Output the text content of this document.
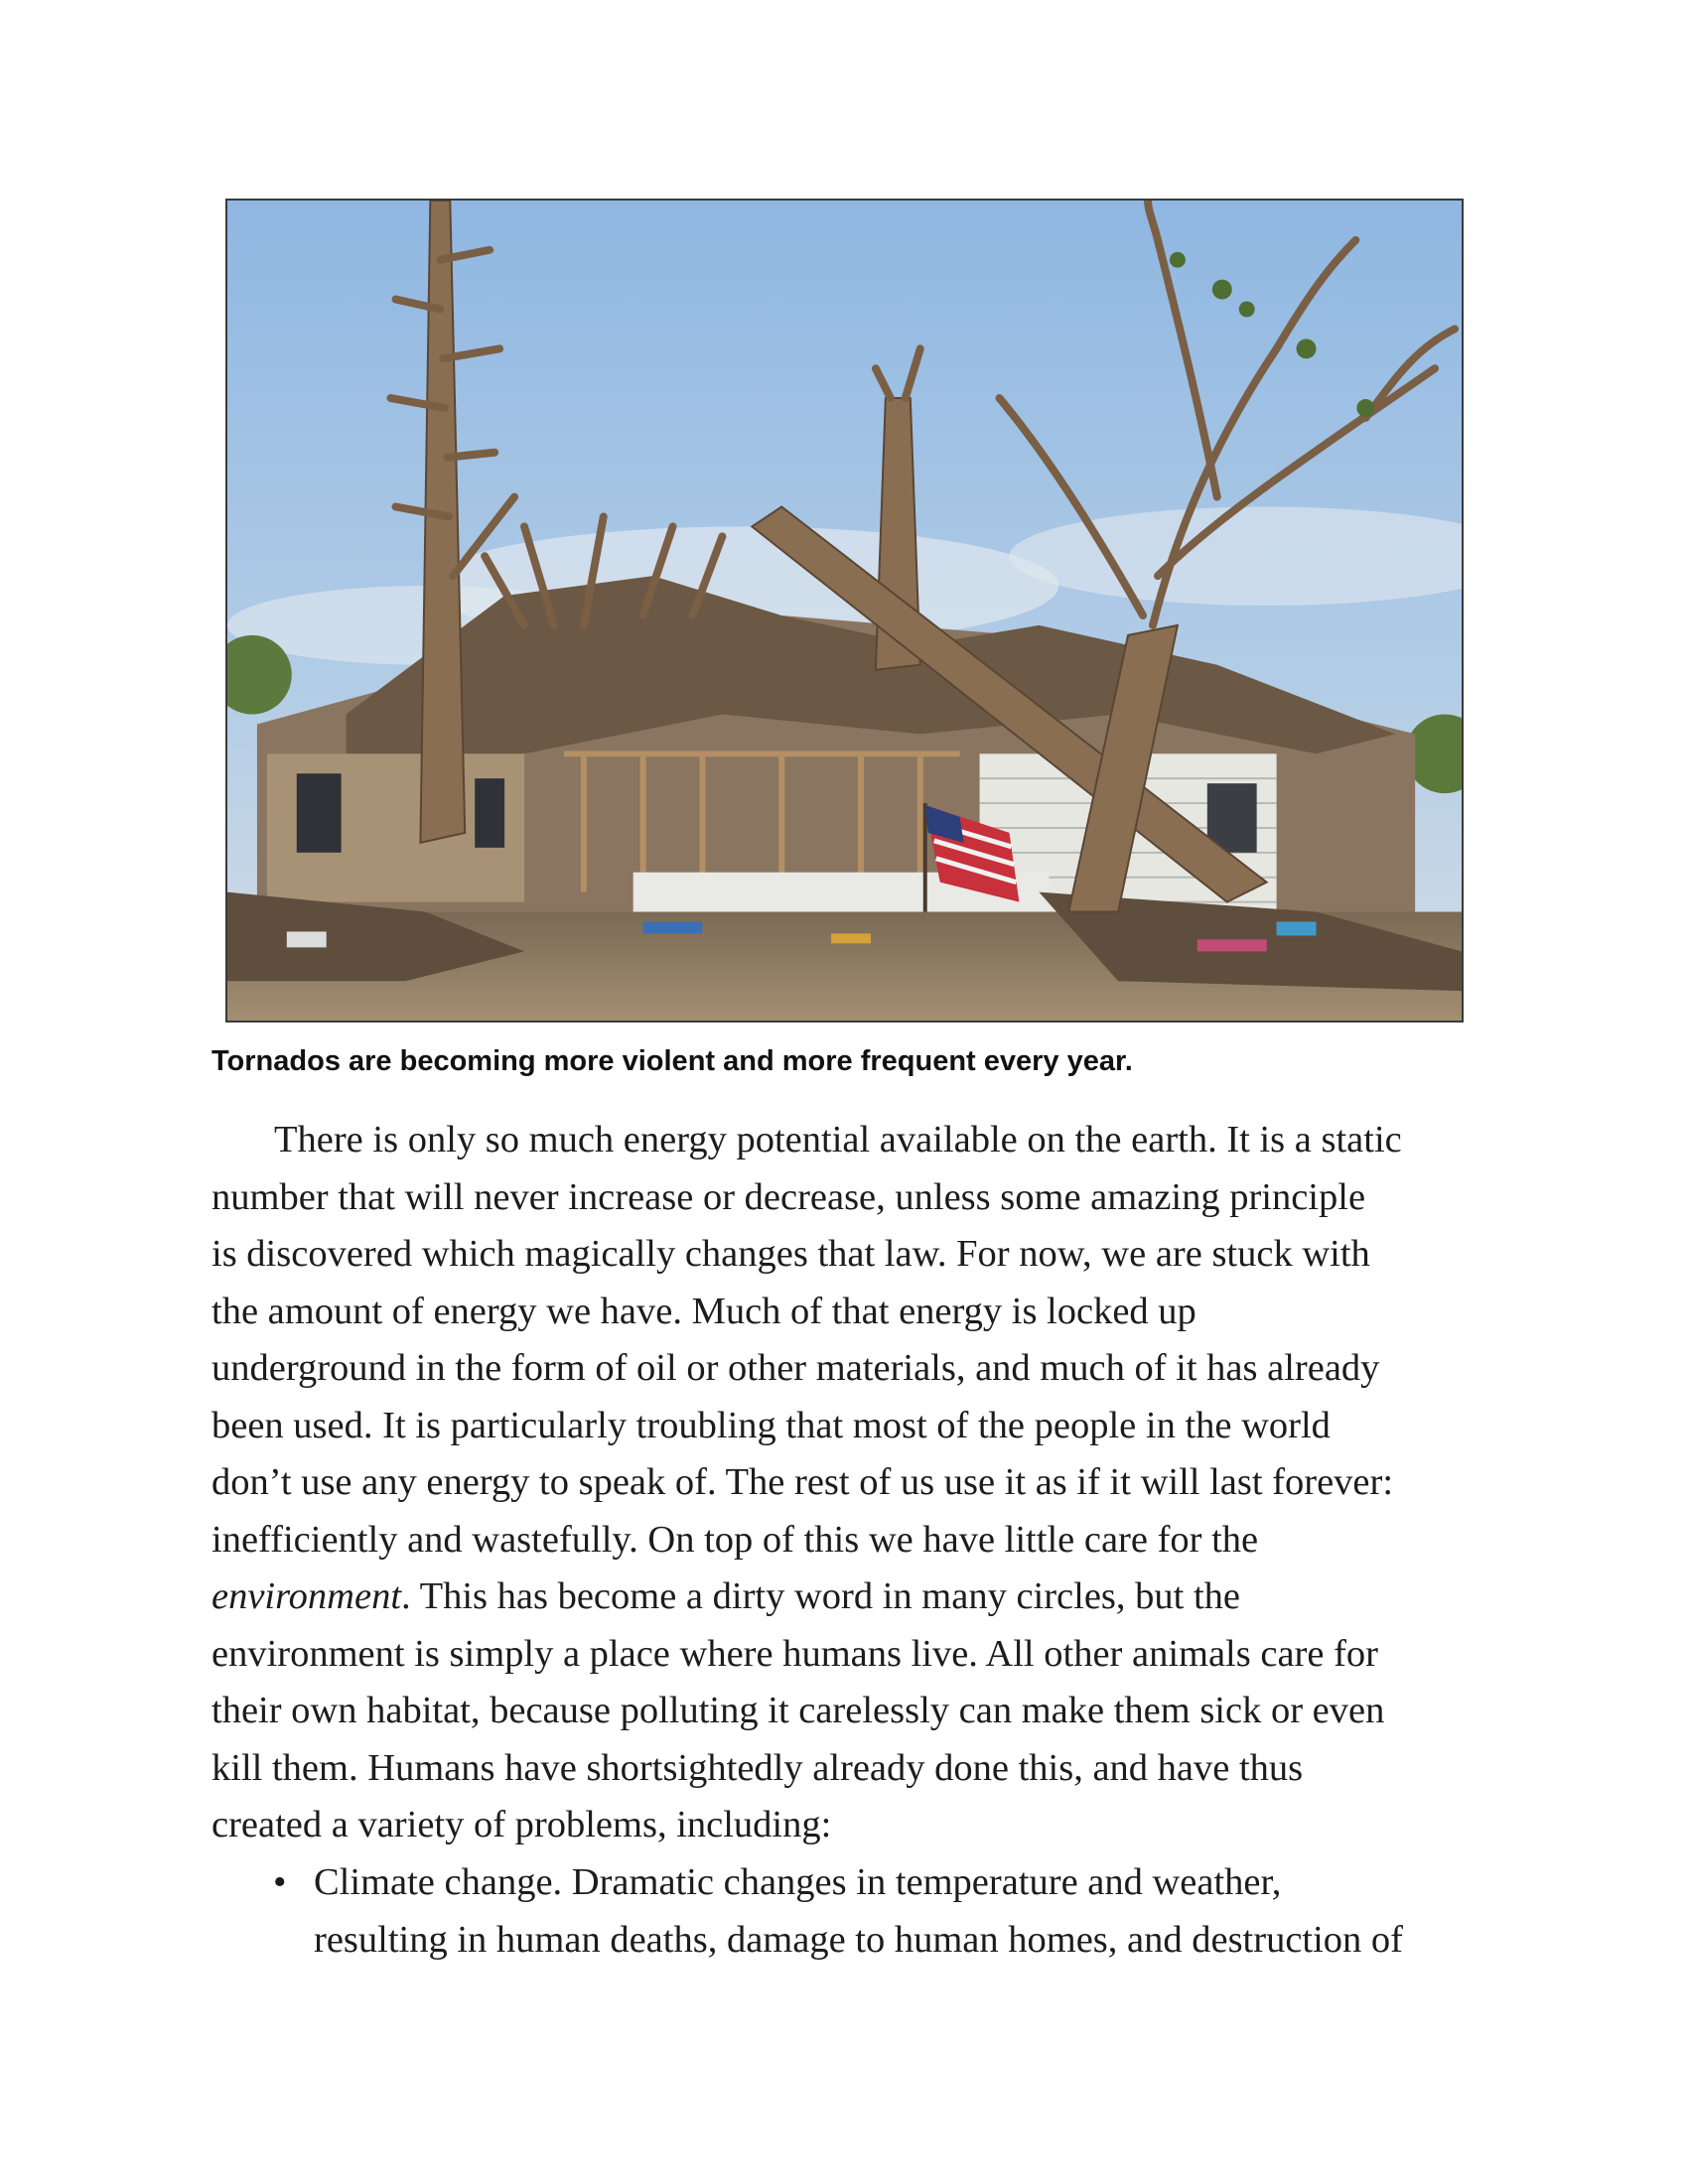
Tornados are becoming more violent and more frequent every year.

There is only so much energy potential available on the earth. It is a static
number that will never increase or decrease, unless some amazing principle
is discovered which magically changes that law. For now, we are stuck with
the amount of energy we have. Much of that energy is locked up
underground in the form of oil or other materials, and much of it has already
been used. It is particularly troubling that most of the people in the world
don’t use any energy to speak of. The rest of us use it as if it will last forever:
inefficiently and wastefully. On top of this we have little care for the
environment. This has become a dirty word in many circles, but the
environment is simply a place where humans live. All other animals care for
their own habitat, because polluting it carelessly can make them sick or even
kill them. Humans have shortsightedly already done this, and have thus
created a variety of problems, including:

• Climate change. Dramatic changes in temperature and weather,
resulting in human deaths, damage to human homes, and destruction of
